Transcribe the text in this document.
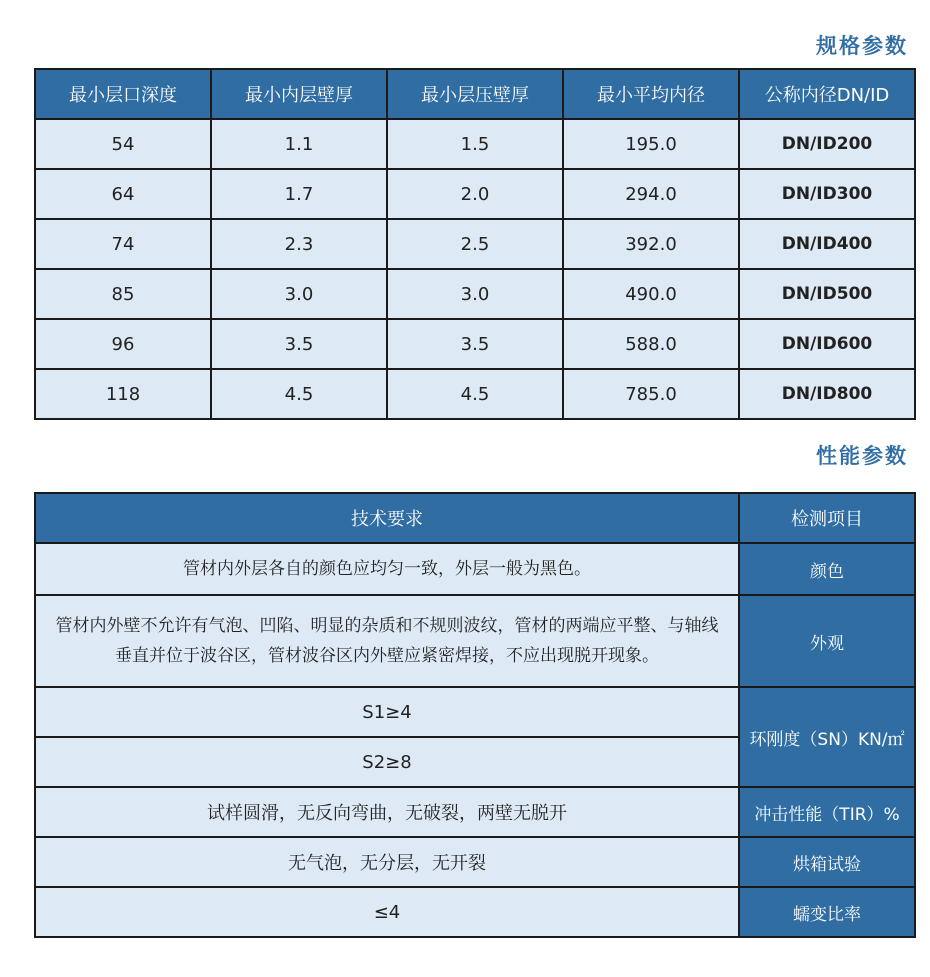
规格参数
最小层口深度	最小内层壁厚	最小层压壁厚	最小平均内径	公称内径DN/ID
54	1.1	1.5	195.0	DN/ID200
64	1.7	2.0	294.0	DN/ID300
74	2.3	2.5	392.0	DN/ID400
85	3.0	3.0	490.0	DN/ID500
96	3.5	3.5	588.0	DN/ID600
118	4.5	4.5	785.0	DN/ID800
性能参数
技术要求	检测项目
管材内外层各自的颜色应均匀一致，外层一般为黑色。	颜色
管材内外壁不允许有气泡、凹陷、明显的杂质和不规则波纹，管材的两端应平整、与轴线垂直并位于波谷区，管材波谷区内外壁应紧密焊接，不应出现脱开现象。	外观
S1≥4	环刚度（SN）KN/㎡
S2≥8	
试样圆滑，无反向弯曲，无破裂，两壁无脱开	冲击性能（TIR）%
无气泡，无分层，无开裂	烘箱试验
≤4	蠕变比率
